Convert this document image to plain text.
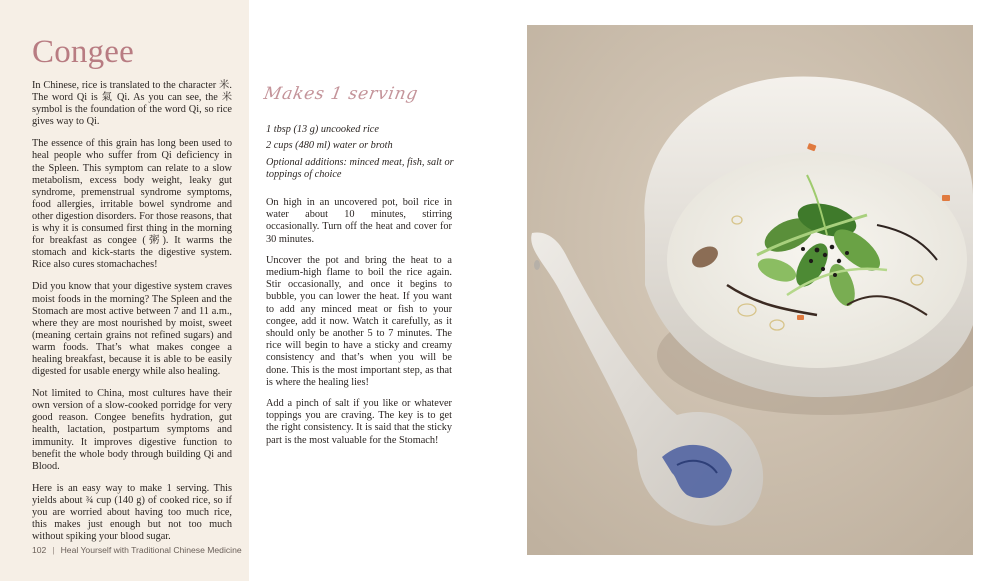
Congee

In Chinese, rice is translated to the character 米. The word Qi is 氣 Qi. As you can see, the 米 symbol is the foundation of the word Qi, so rice gives way to Qi.

The essence of this grain has long been used to heal people who suffer from Qi deficiency in the Spleen. This symptom can relate to a slow metabolism, excess body weight, leaky gut syndrome, premenstrual syndrome symptoms, food allergies, irritable bowel syndrome and other digestion disorders. For those reasons, that is why it is consumed first thing in the morning for breakfast as congee (粥). It warms the stomach and kick-starts the digestive system. Rice also cures stomachaches!

Did you know that your digestive system craves moist foods in the morning? The Spleen and the Stomach are most active between 7 and 11 a.m., where they are most nourished by moist, sweet (meaning certain grains not refined sugars) and warm foods. That’s what makes congee a healing breakfast, because it is able to be easily digested for usable energy while also healing.

Not limited to China, most cultures have their own version of a slow-cooked porridge for very good reason. Congee benefits hydration, gut health, lactation, postpartum symptoms and immunity. It improves digestive function to benefit the whole body through building Qi and Blood.

Here is an easy way to make 1 serving. This yields about ¾ cup (140 g) of cooked rice, so if you are worried about having too much rice, this makes just enough but not too much without spiking your blood sugar.

102 | Heal Yourself with Traditional Chinese Medicine
Makes 1 serving

1 tbsp (13 g) uncooked rice

2 cups (480 ml) water or broth

Optional additions: minced meat, fish, salt or toppings of choice

On high in an uncovered pot, boil rice in water about 10 minutes, stirring occasionally. Turn off the heat and cover for 30 minutes.

Uncover the pot and bring the heat to a medium-high flame to boil the rice again. Stir occasionally, and once it begins to bubble, you can lower the heat. If you want to add any minced meat or fish to your congee, add it now. Watch it carefully, as it should only be another 5 to 7 minutes. The rice will begin to have a sticky and creamy consistency and that’s when you will be done. This is the most important step, as that is where the healing lies!

Add a pinch of salt if you like or whatever toppings you are craving. The key is to get the right consistency. It is said that the sticky part is the most valuable for the Stomach!
